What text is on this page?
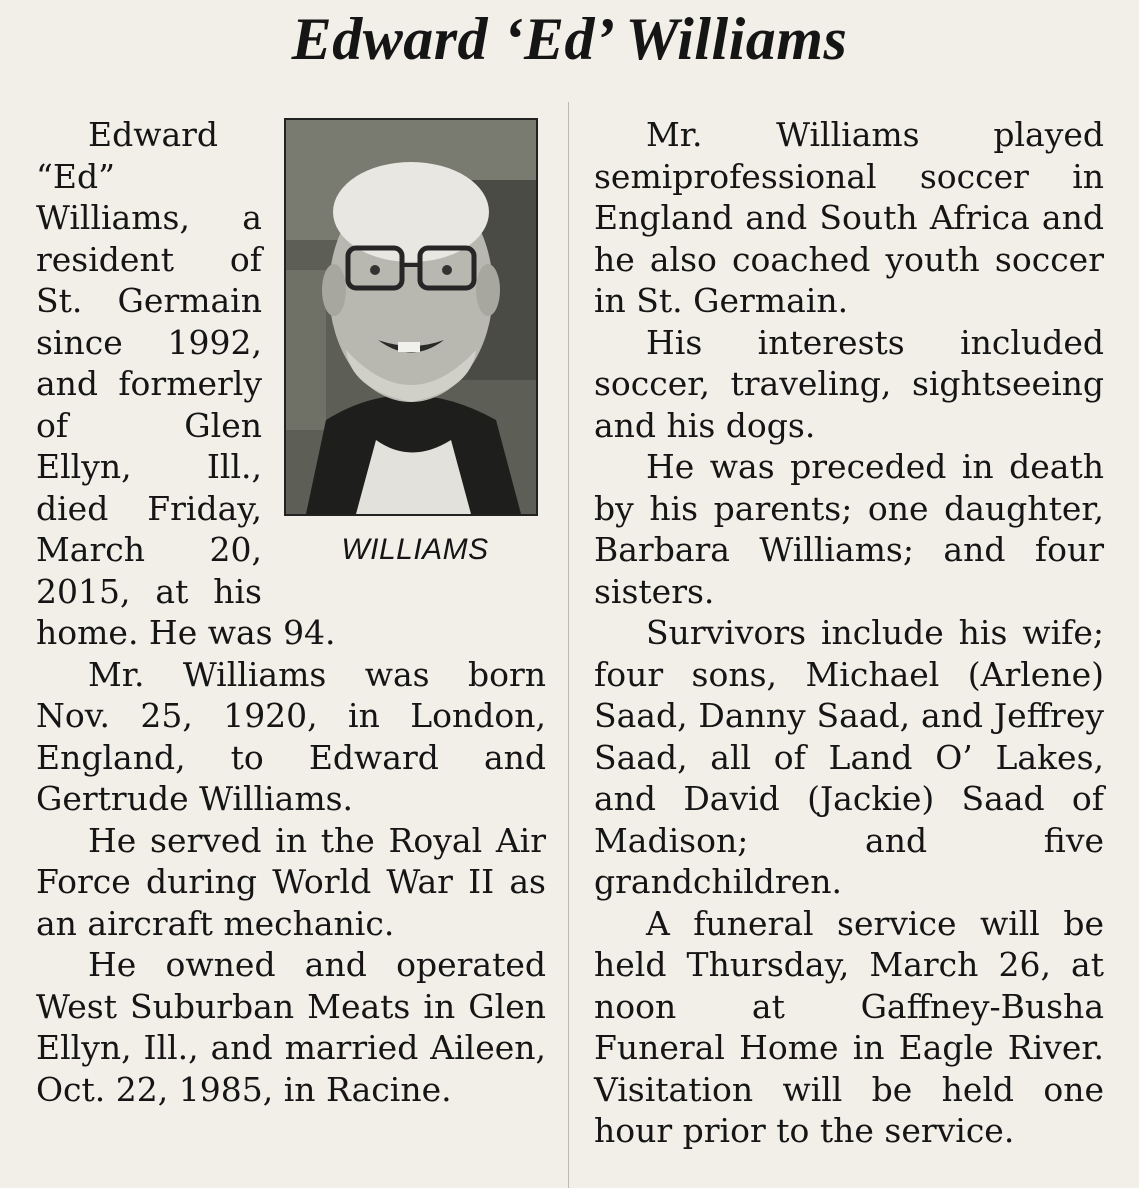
Edward ‘Ed’ Williams
WILLIAMS

Edward “Ed” Williams, a resident of St. Germain since 1992, and formerly of Glen Ellyn, Ill., died Friday, March 20, 2015, at his home. He was 94.

Mr. Williams was born Nov. 25, 1920, in London, England, to Edward and Gertrude Williams.

He served in the Royal Air Force during World War II as an aircraft mechanic.

He owned and operated West Suburban Meats in Glen Ellyn, Ill., and married Aileen, Oct. 22, 1985, in Racine.

Mr. Williams played semiprofessional soccer in England and South Africa and he also coached youth soccer in St. Germain.

His interests included soccer, traveling, sightseeing and his dogs.

He was preceded in death by his parents; one daughter, Barbara Williams; and four sisters.

Survivors include his wife; four sons, Michael (Arlene) Saad, Danny Saad, and Jeffrey Saad, all of Land O’ Lakes, and David (Jackie) Saad of Madison; and five grandchildren.

A funeral service will be held Thursday, March 26, at noon at Gaffney-Busha Funeral Home in Eagle River. Visitation will be held one hour prior to the service.
